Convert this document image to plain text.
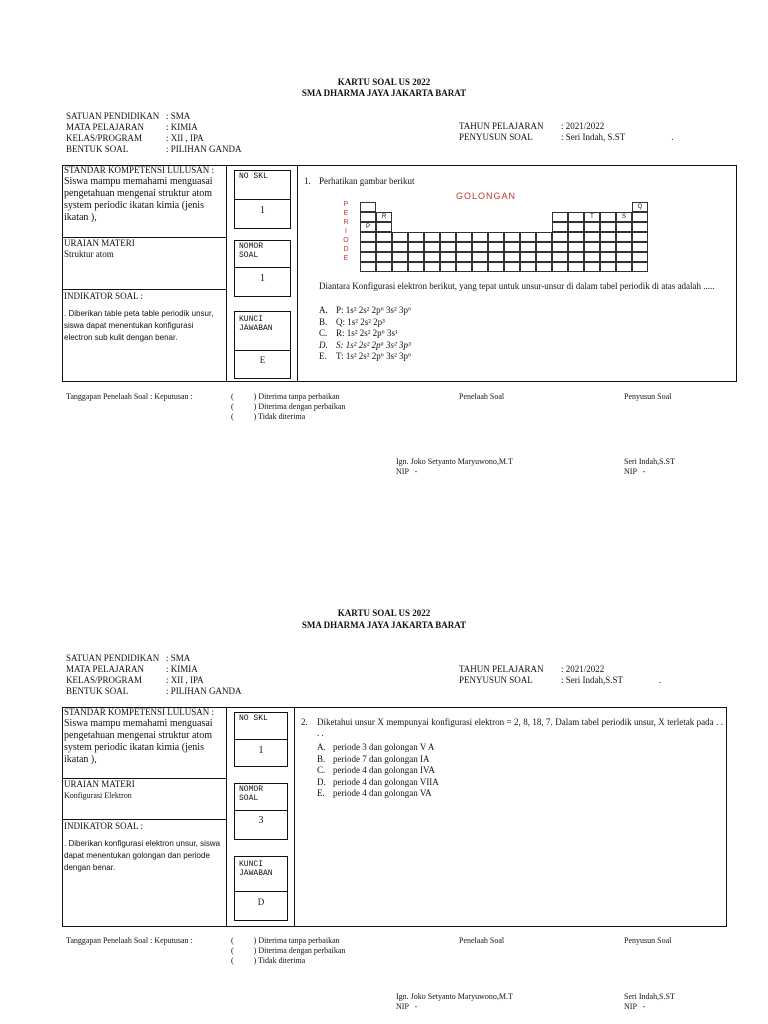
KARTU SOAL US 2022
SMA DHARMA JAYA JAKARTA BARAT
SATUAN PENDIDIKAN : SMA
MATA PELAJARAN : KIMIA
KELAS/PROGRAM	: XII , IPA
BENTUK SOAL	: PILIHAN GANDA
TAHUN PELAJARAN : 2021/2022
PENYUSUN SOAL	: Seri Indah, S.ST	.
STANDAR KOMPETENSI LULUSAN :
Siswa mampu memahami menguasai pengetahuan mengenai struktur atom system periodic ikatan kimia (jenis ikatan ),
URAIAN MATERI
Struktur atom
INDIKATOR SOAL :
. Diberikan table peta table periodik unsur, siswa dapat menentukan konfigurasi electron sub kulit dengan benar.
NO SKL
1
NOMOR SOAL
1
KUNCI JAWABAN
E
1. Perhatikan gambar berikut
GOLONGAN
P
E
R
I
O
D
E
Q
R	T	S
P
Diantara Konfigurasi elektron berikut, yang tepat untuk unsur-unsur di dalam tabel periodik di atas adalah .....
A. P: 1s² 2s² 2p⁶ 3s² 3p⁶
B. Q: 1s² 2s² 2p³
C. R: 1s² 2s² 2p⁶ 3s¹
D. S: 1s² 2s² 2p⁶ 3s² 3p³
E. T: 1s² 2s² 2p⁶ 3s² 3p⁶
Tanggapan Penelaah Soal : Keputusan :	(          ) Diterima tanpa perbaikan
(          ) Diterima dengan perbaikan
(          ) Tidak diterima
Penelaah Soal	Penyusun Soal
Ign. Joko Setyanto Maryuwono,M.T
NIP   -
Seri Indah,S.ST
NIP   -
KARTU SOAL US 2022
SMA DHARMA JAYA JAKARTA BARAT
SATUAN PENDIDIKAN : SMA
MATA PELAJARAN : KIMIA
KELAS/PROGRAM	: XII , IPA
BENTUK SOAL	: PILIHAN GANDA
TAHUN PELAJARAN : 2021/2022
PENYUSUN SOAL	: Seri Indah,S.ST	.
STANDAR KOMPETENSI LULUSAN :
Siswa mampu memahami menguasai pengetahuan mengenai struktur atom system periodic ikatan kimia (jenis ikatan ),
URAIAN MATERI
Konfigurasi Elektron
INDIKATOR SOAL :
. Diberikan konfigurasi elektron unsur, siswa dapat menentukan golongan dan periode dengan benar.
NO SKL
1
NOMOR SOAL
3
KUNCI JAWABAN
D
2. Diketahui unsur X mempunyai konfigurasi elektron = 2, 8, 18, 7. Dalam tabel periodik unsur, X terletak pada . . . .
A. periode 3 dan golongan V A
B. periode 7 dan golongan IA
C. periode 4 dan golongan IVA
D. periode 4 dan golongan VIIA
E. periode 4 dan golongan VA
Tanggapan Penelaah Soal : Keputusan :	(          ) Diterima tanpa perbaikan
(          ) Diterima dengan perbaikan
(          ) Tidak diterima
Penelaah Soal	Penyusun Soal
Ign. Joko Setyanto Maryuwono,M.T
NIP   -
Seri Indah,S.ST
NIP   -
